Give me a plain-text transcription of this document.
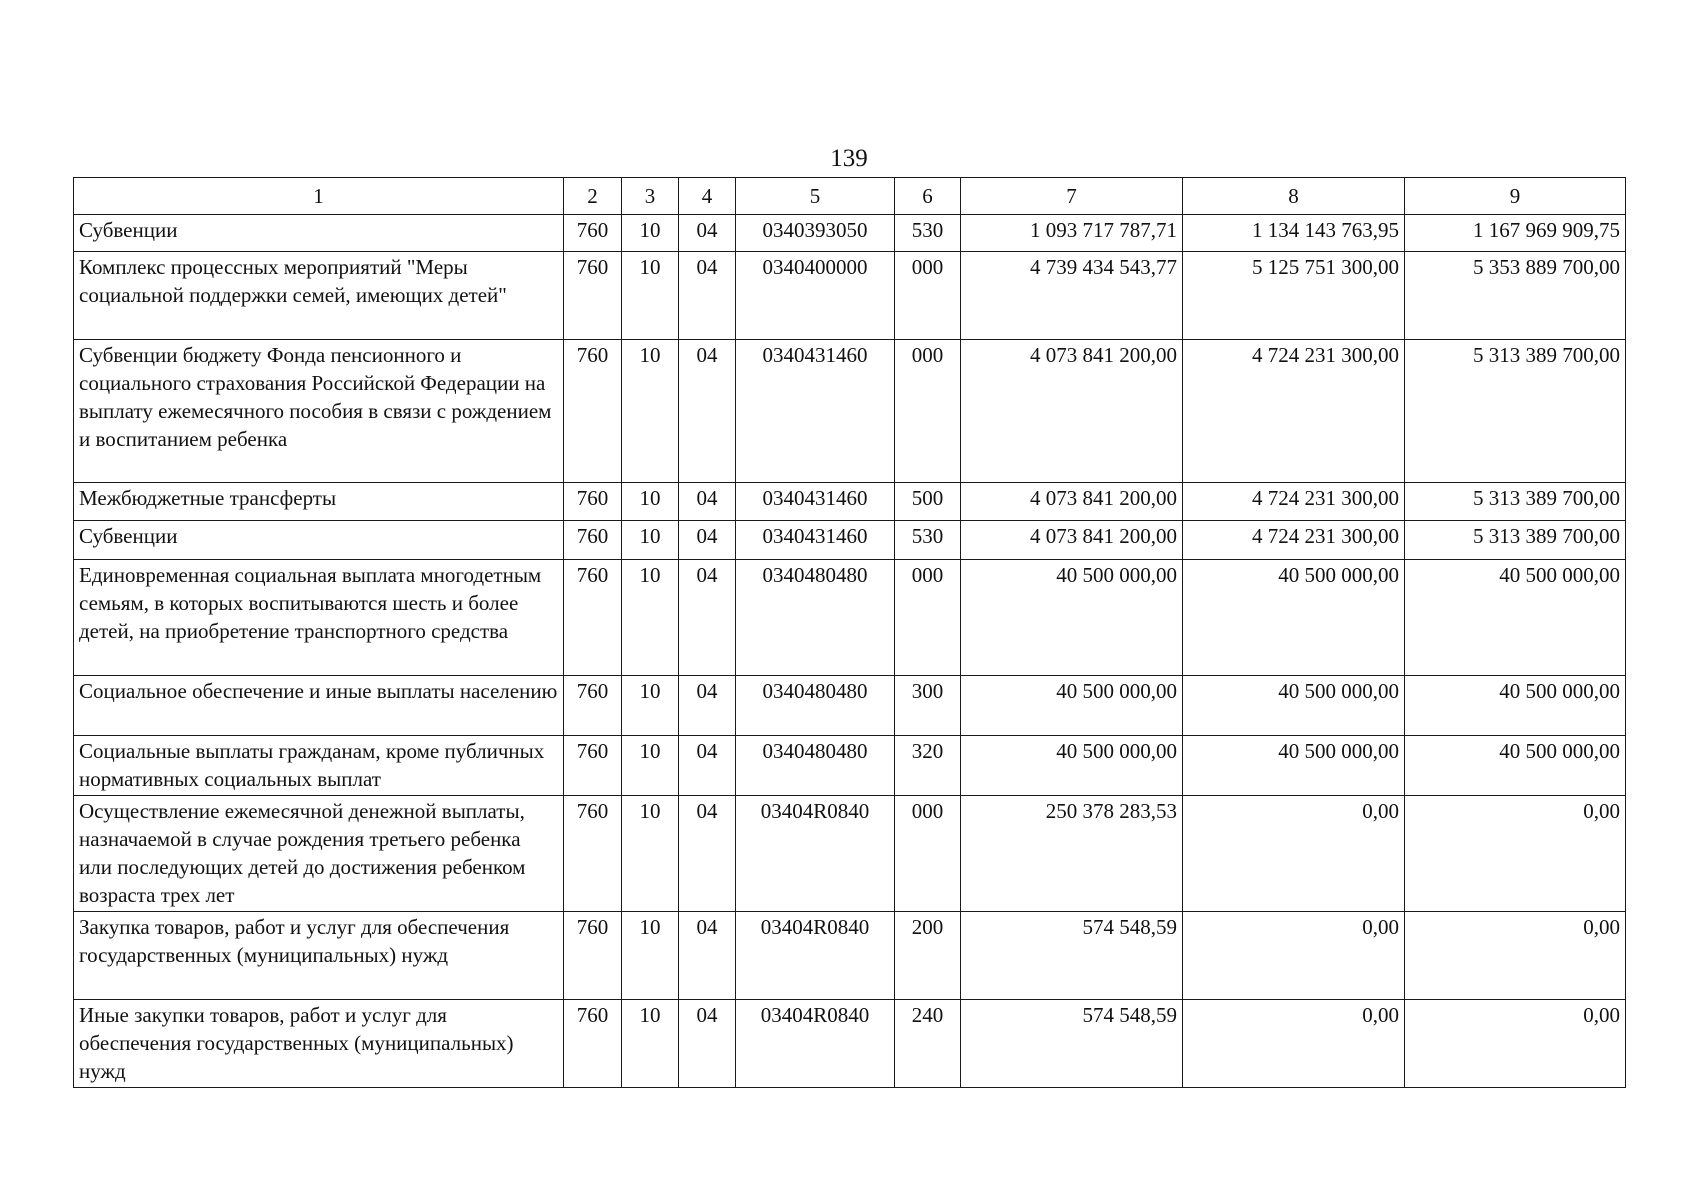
139
1	2	3	4	5	6	7	8	9
Субвенции	760	10	04	0340393050	530	1 093 717 787,71	1 134 143 763,95	1 167 969 909,75
Комплекс процессных мероприятий "Меры социальной поддержки семей, имеющих детей"	760	10	04	0340400000	000	4 739 434 543,77	5 125 751 300,00	5 353 889 700,00
Субвенции бюджету Фонда пенсионного и социального страхования Российской Федерации на выплату ежемесячного пособия в связи с рождением и воспитанием ребенка	760	10	04	0340431460	000	4 073 841 200,00	4 724 231 300,00	5 313 389 700,00
Межбюджетные трансферты	760	10	04	0340431460	500	4 073 841 200,00	4 724 231 300,00	5 313 389 700,00
Субвенции	760	10	04	0340431460	530	4 073 841 200,00	4 724 231 300,00	5 313 389 700,00
Единовременная социальная выплата многодетным семьям, в которых воспитываются шесть и более детей, на приобретение транспортного средства	760	10	04	0340480480	000	40 500 000,00	40 500 000,00	40 500 000,00
Социальное обеспечение и иные выплаты населению	760	10	04	0340480480	300	40 500 000,00	40 500 000,00	40 500 000,00
Социальные выплаты гражданам, кроме публичных нормативных социальных выплат	760	10	04	0340480480	320	40 500 000,00	40 500 000,00	40 500 000,00
Осуществление ежемесячной денежной выплаты, назначаемой в случае рождения третьего ребенка или последующих детей до достижения ребенком возраста трех лет	760	10	04	03404R0840	000	250 378 283,53	0,00	0,00
Закупка товаров, работ и услуг для обеспечения государственных (муниципальных) нужд	760	10	04	03404R0840	200	574 548,59	0,00	0,00
Иные закупки товаров, работ и услуг для обеспечения государственных (муниципальных) нужд	760	10	04	03404R0840	240	574 548,59	0,00	0,00
